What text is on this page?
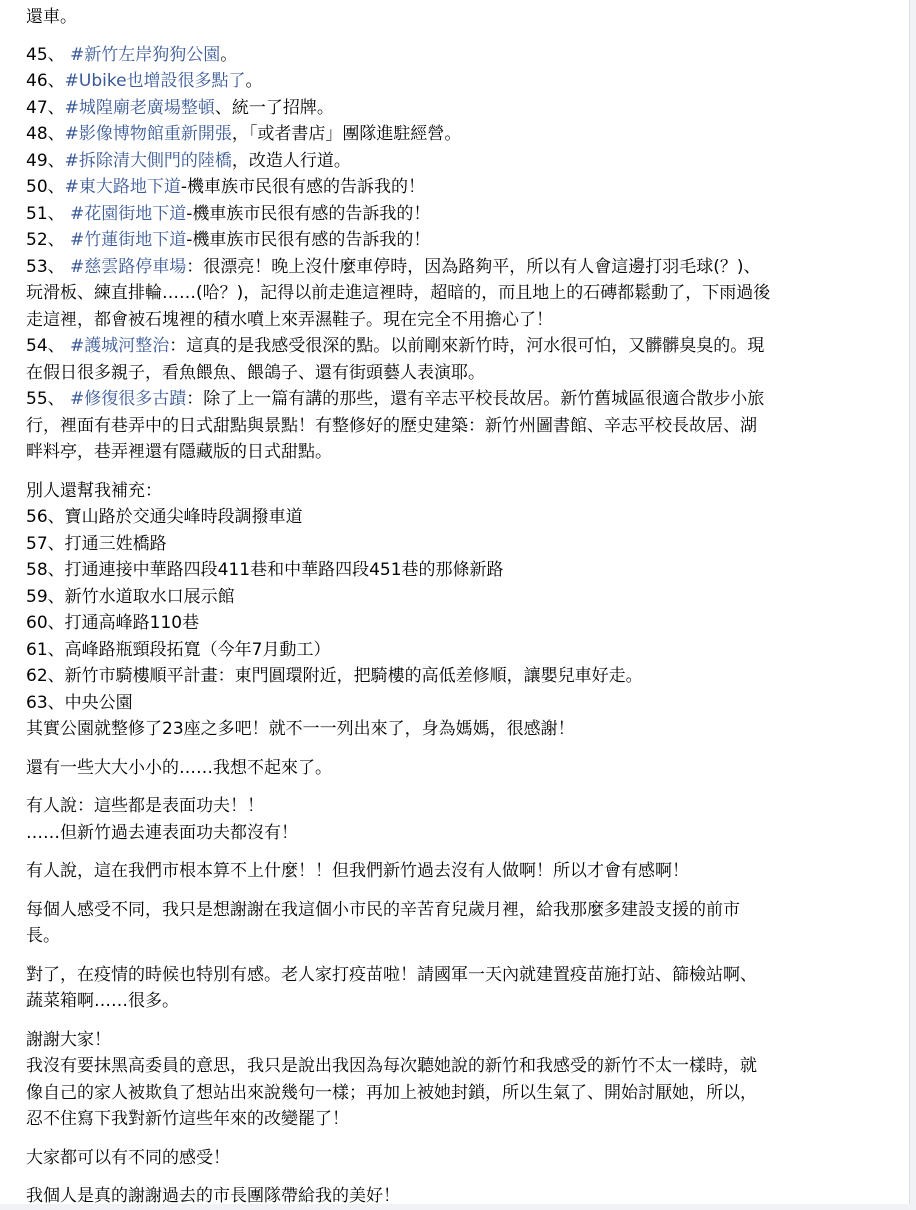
還車。
45、 #新竹左岸狗狗公園。
46、#Ubike也增設很多點了。
47、#城隍廟老廣場整頓、統一了招牌。
48、#影像博物館重新開張，「或者書店」團隊進駐經營。
49、#拆除清大側門的陸橋，改造人行道。
50、#東大路地下道-機車族市民很有感的告訴我的！
51、 #花園街地下道-機車族市民很有感的告訴我的！
52、 #竹蓮街地下道-機車族市民很有感的告訴我的！
53、 #慈雲路停車場：很漂亮！晚上沒什麼車停時，因為路夠平，所以有人會這邊打羽毛球(？)、
玩滑板、練直排輪……(哈？)，記得以前走進這裡時，超暗的，而且地上的石磚都鬆動了，下雨過後
走這裡，都會被石塊裡的積水噴上來弄濕鞋子。現在完全不用擔心了！
54、 #護城河整治：這真的是我感受很深的點。以前剛來新竹時，河水很可怕，又髒髒臭臭的。現
在假日很多親子，看魚餵魚、餵鴿子、還有街頭藝人表演耶。
55、 #修復很多古蹟：除了上一篇有講的那些，還有辛志平校長故居。新竹舊城區很適合散步小旅
行，裡面有巷弄中的日式甜點與景點！有整修好的歷史建築：新竹州圖書館、辛志平校長故居、湖
畔料亭，巷弄裡還有隱藏版的日式甜點。
別人還幫我補充：
56、寶山路於交通尖峰時段調撥車道
57、打通三姓橋路
58、打通連接中華路四段411巷和中華路四段451巷的那條新路
59、新竹水道取水口展示館
60、打通高峰路110巷
61、高峰路瓶頸段拓寬（今年7月動工）
62、新竹市騎樓順平計畫：東門圓環附近，把騎樓的高低差修順，讓嬰兒車好走。
63、中央公園
其實公園就整修了23座之多吧！就不一一列出來了，身為媽媽，很感謝！
還有一些大大小小的……我想不起來了。
有人說：這些都是表面功夫！！
……但新竹過去連表面功夫都沒有！
有人說，這在我們市根本算不上什麼！！但我們新竹過去沒有人做啊！所以才會有感啊！
每個人感受不同，我只是想謝謝在我這個小市民的辛苦育兒歲月裡，給我那麼多建設支援的前市
長。
對了，在疫情的時候也特別有感。老人家打疫苗啦！請國軍一天內就建置疫苗施打站、篩檢站啊、
蔬菜箱啊……很多。
謝謝大家！
我沒有要抹黑高委員的意思，我只是說出我因為每次聽她說的新竹和我感受的新竹不太一樣時，就
像自己的家人被欺負了想站出來說幾句一樣；再加上被她封鎖，所以生氣了、開始討厭她，所以，
忍不住寫下我對新竹這些年來的改變罷了！
大家都可以有不同的感受！
我個人是真的謝謝過去的市長團隊帶給我的美好！
